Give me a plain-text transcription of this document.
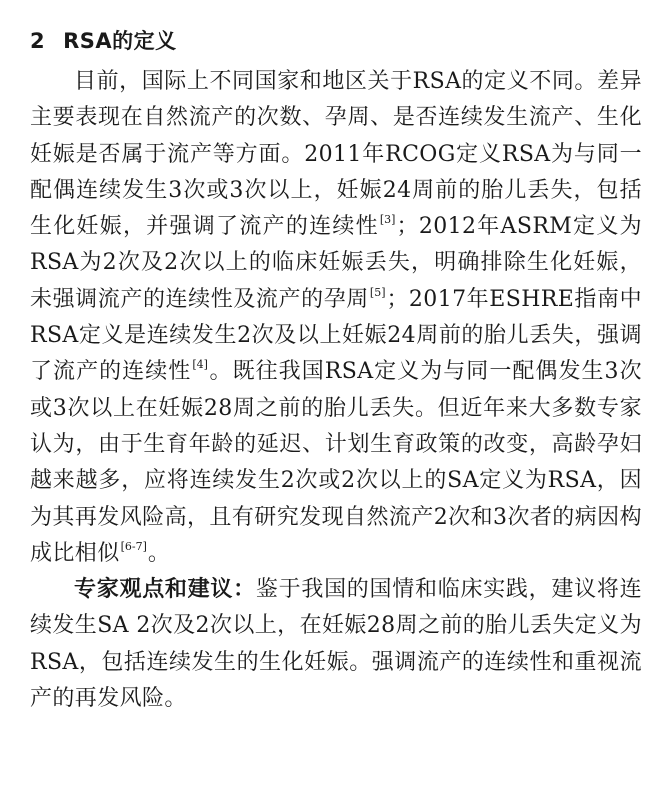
2 RSA的定义

目前，国际上不同国家和地区关于RSA的定义不同。差异主要表现在自然流产的次数、孕周、是否连续发生流产、生化妊娠是否属于流产等方面。2011年RCOG定义RSA为与同一配偶连续发生3次或3次以上，妊娠24周前的胎儿丢失，包括生化妊娠，并强调了流产的连续性[3]；2012年ASRM定义为RSA为2次及2次以上的临床妊娠丢失，明确排除生化妊娠，未强调流产的连续性及流产的孕周[5]；2017年ESHRE指南中RSA定义是连续发生2次及以上妊娠24周前的胎儿丢失，强调了流产的连续性[4]。既往我国RSA定义为与同一配偶发生3次或3次以上在妊娠28周之前的胎儿丢失。但近年来大多数专家认为，由于生育年龄的延迟、计划生育政策的改变，高龄孕妇越来越多，应将连续发生2次或2次以上的SA定义为RSA，因为其再发风险高，且有研究发现自然流产2次和3次者的病因构成比相似[6-7]。

专家观点和建议：鉴于我国的国情和临床实践，建议将连续发生SA 2次及2次以上，在妊娠28周之前的胎儿丢失定义为RSA，包括连续发生的生化妊娠。强调流产的连续性和重视流产的再发风险。
